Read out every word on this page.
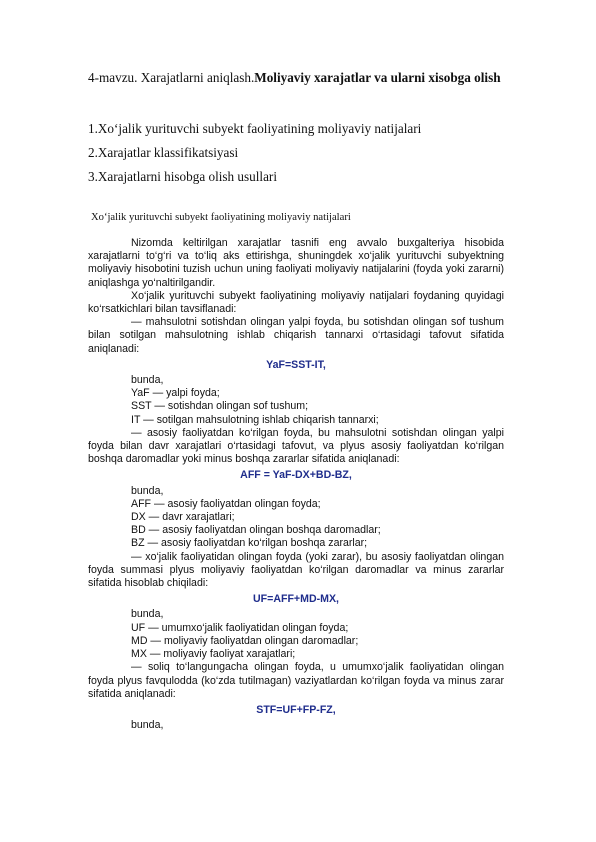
4-mavzu. Xarajatlarni aniqlash.Moliyaviy xarajatlar va ularni xisobga olish
1.Xo‘jalik yurituvchi subyekt faoliyatining moliyaviy natijalari
2.Xarajatlar klassifikatsiyasi
3.Xarajatlarni hisobga olish usullari
Xo‘jalik yurituvchi subyekt faoliyatining moliyaviy natijalari

Nizomda keltirilgan xarajatlar tasnifi eng avvalo buxgalteriya hisobida xarajatlarni to‘g‘ri va to‘liq aks ettirishga, shuningdek xo‘jalik yurituvchi subyektning moliyaviy hisobotini tuzish uchun uning faoliyati moliyaviy natijalarini (foyda yoki zararni) aniqlashga yo‘naltirilgandir.

Xo‘jalik yurituvchi subyekt faoliyatining moliyaviy natijalari foydaning quyidagi ko‘rsatkichlari bilan tavsiflanadi:

— mahsulotni sotishdan olingan yalpi foyda, bu sotishdan olingan sof tushum bilan sotilgan mahsulotning ishlab chiqarish tannarxi o‘rtasidagi tafovut sifatida aniqlanadi:

YaF=SST-IT,

bunda,

YaF — yalpi foyda;

SST — sotishdan olingan sof tushum;

IT — sotilgan mahsulotning ishlab chiqarish tannarxi;

— asosiy faoliyatdan ko‘rilgan foyda, bu mahsulotni sotishdan olingan yalpi foyda bilan davr xarajatlari o‘rtasidagi tafovut, va plyus asosiy faoliyatdan ko‘rilgan boshqa daromadlar yoki minus boshqa zararlar sifatida aniqlanadi:

AFF = YaF-DX+BD-BZ,

bunda,

AFF — asosiy faoliyatdan olingan foyda;

DX — davr xarajatlari;

BD — asosiy faoliyatdan olingan boshqa daromadlar;

BZ — asosiy faoliyatdan ko‘rilgan boshqa zararlar;

— xo‘jalik faoliyatidan olingan foyda (yoki zarar), bu asosiy faoliyatdan olingan foyda summasi plyus moliyaviy faoliyatdan ko‘rilgan daromadlar va minus zararlar sifatida hisoblab chiqiladi:

UF=AFF+MD-MX,

bunda,

UF — umumxo‘jalik faoliyatidan olingan foyda;

MD — moliyaviy faoliyatdan olingan daromadlar;

MX — moliyaviy faoliyat xarajatlari;

— soliq to‘langungacha olingan foyda, u umumxo‘jalik faoliyatidan olingan foyda plyus favqulodda (ko‘zda tutilmagan) vaziyatlardan ko‘rilgan foyda va minus zarar sifatida aniqlanadi:

STF=UF+FP-FZ,

bunda,
